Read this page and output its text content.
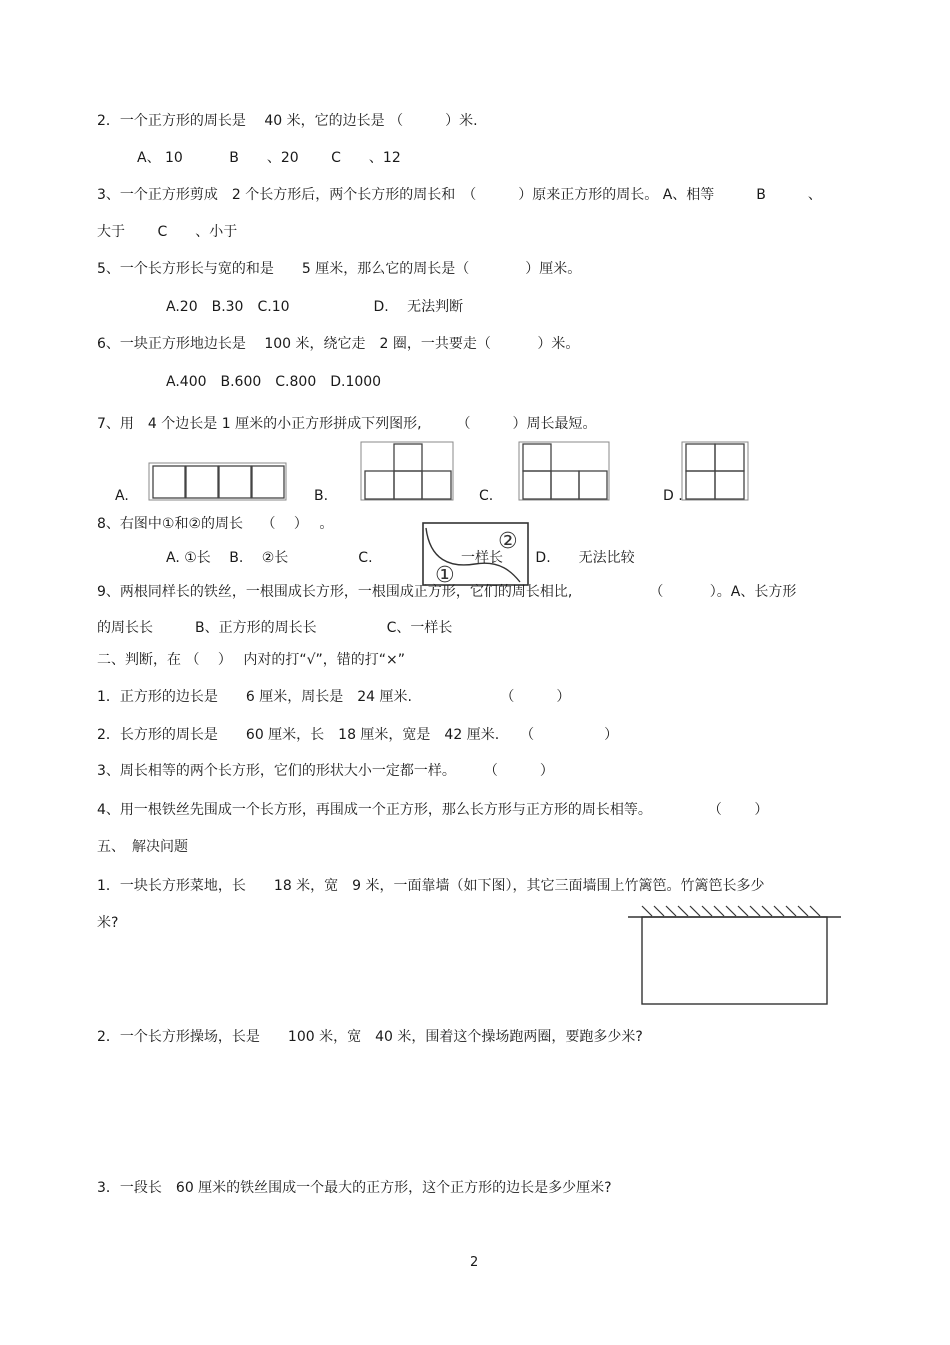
2．一个正方形的周长是　 40 米，它的边长是 （　　　）米.
A、 10　　　 B　　、20　　 C　　、12
3、一个正方形剪成　2 个长方形后，两个长方形的周长和　（　　　）原来正方形的周长。 A、相等　　　B　　　、
大于　　 C　　、小于
5、一个长方形长与宽的和是　　5 厘米，那么它的周长是（　　　　）厘米。
A.20　B.30　C.10　　　　　　D.　 无法判断
6、一块正方形地边长是　 100 米，绕它走　2 圈，一共要走（　　　 ）米。
A.400　B.600　C.800　D.1000
7、用　4 个边长是 1 厘米的小正方形拼成下列图形,　　　（　　　）周长最短。
A.	B.	C.	D .
8、右图中①和②的周长　 （　 ）　 。
①
②
A. ①长　 B.　 ②长　　　　　C.　　　　　　 一样长　　 D.　　无法比较
9、两根同样长的铁丝，一根围成长方形，一根围成正方形，它们的周长相比,　　　　　　（　　　 ）。A、长方形
的周长长　　　B、正方形的周长长　　　　　C、一样长
二、判断，在 （　 ）　 内对的打“√”，错的打“×”
1．正方形的边长是　　6 厘米，周长是　24 厘米.　　　　　　 （　　　）
2．长方形的周长是　　60 厘米，长　18 厘米，宽是　42 厘米.　　（　　　　　）
3、周长相等的两个长方形，它们的形状大小一定都一样。　　　（　　　）
4、用一根铁丝先围成一个长方形，再围成一个正方形，那么长方形与正方形的周长相等。　　　　　（　　 ）
五、　解决问题
1．一块长方形菜地，长　　18 米，宽　9 米，一面靠墙（如下图），其它三面墙围上竹篱笆。竹篱笆长多少
米?
2．一个长方形操场，长是　　100 米，宽　40 米，围着这个操场跑两圈，要跑多少米?
3．一段长　60 厘米的铁丝围成一个最大的正方形，这个正方形的边长是多少厘米?
2
